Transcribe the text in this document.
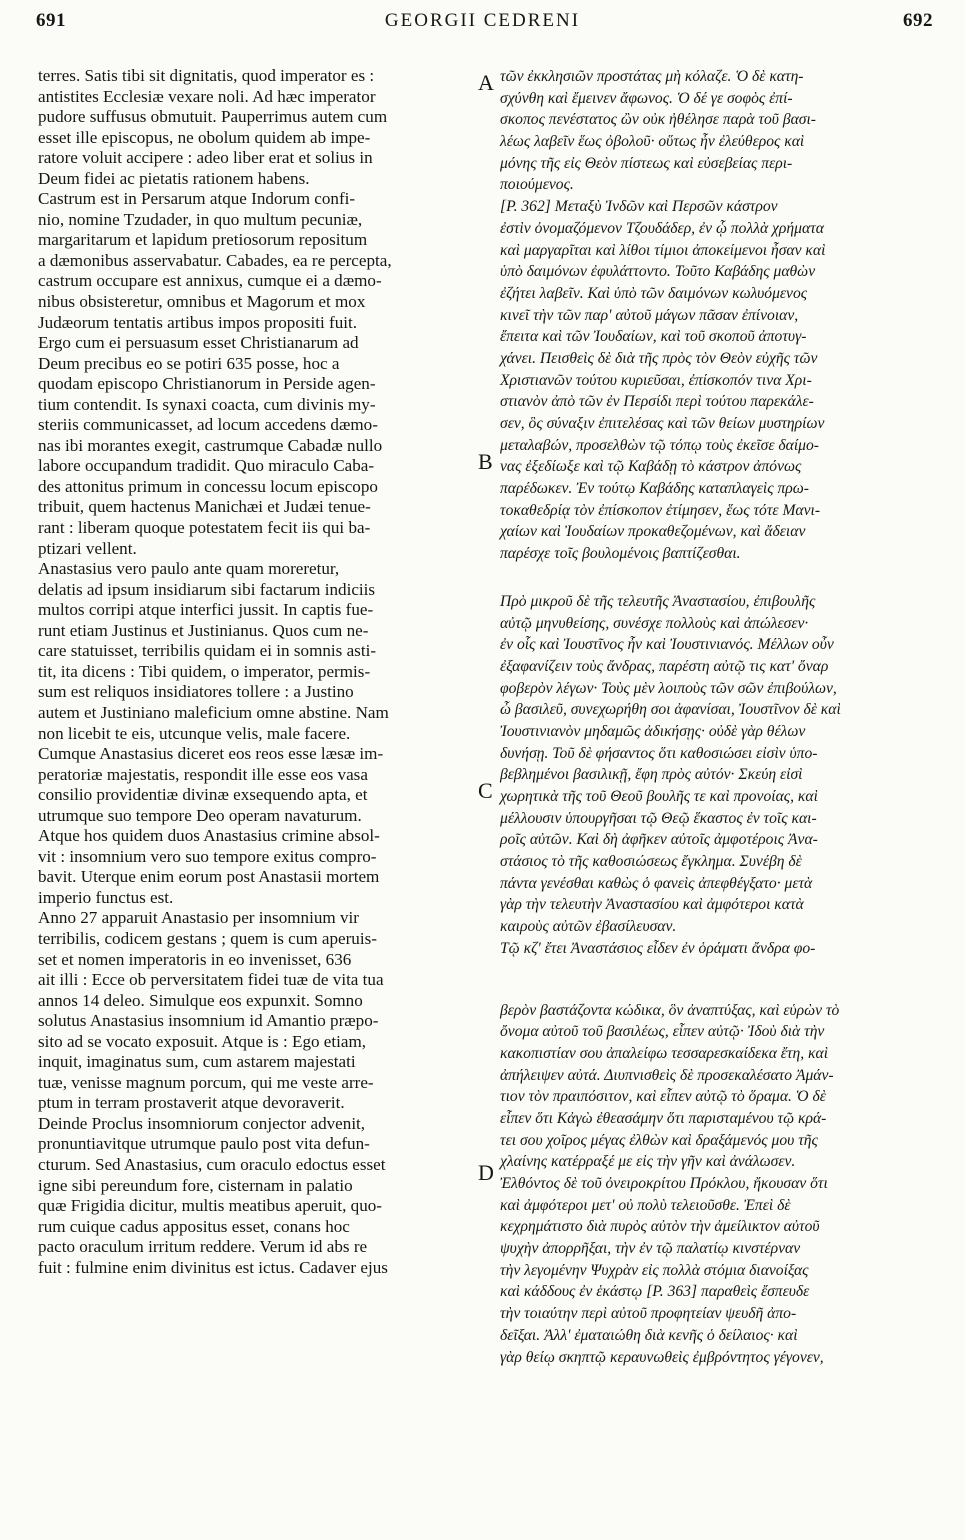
691	GEORGII CEDRENI	692
A
B
C
D
terres. Satis tibi sit dignitatis, quod imperator es :
antistites Ecclesiæ vexare noli. Ad hæc imperator
pudore suffusus obmutuit. Pauperrimus autem cum
esset ille episcopus, ne obolum quidem ab impe-
ratore voluit accipere : adeo liber erat et solius in
Deum fidei ac pietatis rationem habens.
Castrum est in Persarum atque Indorum confi-
nio, nomine Tzudader, in quo multum pecuniæ,
margaritarum et lapidum pretiosorum repositum
a dæmonibus asservabatur. Cabades, ea re percepta,
castrum occupare est annixus, cumque ei a dæmo-
nibus obsisteretur, omnibus et Magorum et mox
Judæorum tentatis artibus impos propositi fuit.
Ergo cum ei persuasum esset Christianarum ad
Deum precibus eo se potiri 635 posse, hoc a
quodam episcopo Christianorum in Perside agen-
tium contendit. Is synaxi coacta, cum divinis my-
steriis communicasset, ad locum accedens dæmo-
nas ibi morantes exegit, castrumque Cabadæ nullo
labore occupandum tradidit. Quo miraculo Caba-
des attonitus primum in concessu locum episcopo
tribuit, quem hactenus Manichæi et Judæi tenue-
rant : liberam quoque potestatem fecit iis qui ba-
ptizari vellent.
Anastasius vero paulo ante quam moreretur,
delatis ad ipsum insidiarum sibi factarum indiciis
multos corripi atque interfici jussit. In captis fue-
runt etiam Justinus et Justinianus. Quos cum ne-
care statuisset, terribilis quidam ei in somnis asti-
tit, ita dicens : Tibi quidem, o imperator, permis-
sum est reliquos insidiatores tollere : a Justino
autem et Justiniano maleficium omne abstine. Nam
non licebit te eis, utcunque velis, male facere.
Cumque Anastasius diceret eos reos esse læsæ im-
peratoriæ majestatis, respondit ille esse eos vasa
consilio providentiæ divinæ exsequendo apta, et
utrumque suo tempore Deo operam navaturum.
Atque hos quidem duos Anastasius crimine absol-
vit : insomnium vero suo tempore exitus compro-
bavit. Uterque enim eorum post Anastasii mortem
imperio functus est.
Anno 27 apparuit Anastasio per insomnium vir
terribilis, codicem gestans ; quem is cum aperuis-
set et nomen imperatoris in eo invenisset, 636
ait illi : Ecce ob perversitatem fidei tuæ de vita tua
annos 14 deleo. Simulque eos expunxit. Somno
solutus Anastasius insomnium id Amantio præpo-
sito ad se vocato exposuit. Atque is : Ego etiam,
inquit, imaginatus sum, cum astarem majestati
tuæ, venisse magnum porcum, qui me veste arre-
ptum in terram prostaverit atque devoraverit.
Deinde Proclus insomniorum conjector advenit,
pronuntiavitque utrumque paulo post vita defun-
cturum. Sed Anastasius, cum oraculo edoctus esset
igne sibi pereundum fore, cisternam in palatio
quæ Frigidia dicitur, multis meatibus aperuit, quo-
rum cuique cadus appositus esset, conans hoc
pacto oraculum irritum reddere. Verum id abs re
fuit : fulmine enim divinitus est ictus. Cadaver ejus
τῶν ἐκκλησιῶν προστάτας μὴ κόλαζε. Ὁ δὲ κατη-
σχύνθη καὶ ἔμεινεν ἄφωνος. Ὁ δέ γε σοφὸς ἐπί-
σκοπος πενέστατος ὢν οὐκ ἠθέλησε παρὰ τοῦ βασι-
λέως λαβεῖν ἕως ὀβολοῦ· οὕτως ἦν ἐλεύθερος καὶ
μόνης τῆς εἰς Θεὸν πίστεως καὶ εὐσεβείας περι-
ποιούμενος.
[P. 362] Μεταξὺ Ἰνδῶν καὶ Περσῶν κάστρον
ἐστὶν ὀνομαζόμενον Τζουδάδερ, ἐν ᾧ πολλὰ χρήματα
καὶ μαργαρῖται καὶ λίθοι τίμιοι ἀποκείμενοι ἦσαν καὶ
ὑπὸ δαιμόνων ἐφυλάττοντο. Τοῦτο Καβάδης μαθὼν
ἐζήτει λαβεῖν. Καὶ ὑπὸ τῶν δαιμόνων κωλυόμενος
κινεῖ τὴν τῶν παρ' αὐτοῦ μάγων πᾶσαν ἐπίνοιαν,
ἔπειτα καὶ τῶν Ἰουδαίων, καὶ τοῦ σκοποῦ ἀποτυγ-
χάνει. Πεισθεὶς δὲ διὰ τῆς πρὸς τὸν Θεὸν εὐχῆς τῶν
Χριστιανῶν τούτου κυριεῦσαι, ἐπίσκοπόν τινα Χρι-
στιανὸν ἀπὸ τῶν ἐν Περσίδι περὶ τούτου παρεκάλε-
σεν, ὃς σύναξιν ἐπιτελέσας καὶ τῶν θείων μυστηρίων
μεταλαβών, προσελθὼν τῷ τόπῳ τοὺς ἐκεῖσε δαίμο-
νας ἐξεδίωξε καὶ τῷ Καβάδῃ τὸ κάστρον ἀπόνως
παρέδωκεν. Ἐν τούτῳ Καβάδης καταπλαγεὶς πρω-
τοκαθεδρίᾳ τὸν ἐπίσκοπον ἐτίμησεν, ἕως τότε Μανι-
χαίων καὶ Ἰουδαίων προκαθεζομένων, καὶ ἄδειαν
παρέσχε τοῖς βουλομένοις βαπτίζεσθαι.
Πρὸ μικροῦ δὲ τῆς τελευτῆς Ἀναστασίου, ἐπιβουλῆς
αὐτῷ μηνυθείσης, συνέσχε πολλοὺς καὶ ἀπώλεσεν·
ἐν οἷς καὶ Ἰουστῖνος ἦν καὶ Ἰουστινιανός. Μέλλων οὖν
ἐξαφανίζειν τοὺς ἄνδρας, παρέστη αὐτῷ τις κατ' ὄναρ
φοβερὸν λέγων· Τοὺς μὲν λοιποὺς τῶν σῶν ἐπιβούλων,
ὦ βασιλεῦ, συνεχωρήθη σοι ἀφανίσαι, Ἰουστῖνον δὲ καὶ
Ἰουστινιανὸν μηδαμῶς ἀδικήσῃς· οὐδὲ γὰρ θέλων
δυνήσῃ. Τοῦ δὲ φήσαντος ὅτι καθοσιώσει εἰσὶν ὑπο-
βεβλημένοι βασιλικῇ, ἔφη πρὸς αὐτόν· Σκεύη εἰσὶ
χωρητικὰ τῆς τοῦ Θεοῦ βουλῆς τε καὶ προνοίας, καὶ
μέλλουσιν ὑπουργῆσαι τῷ Θεῷ ἕκαστος ἐν τοῖς και-
ροῖς αὐτῶν. Καὶ δὴ ἀφῆκεν αὐτοῖς ἀμφοτέροις Ἀνα-
στάσιος τὸ τῆς καθοσιώσεως ἔγκλημα. Συνέβη δὲ
πάντα γενέσθαι καθὼς ὁ φανεὶς ἀπεφθέγξατο· μετὰ
γὰρ τὴν τελευτὴν Ἀναστασίου καὶ ἀμφότεροι κατὰ
καιροὺς αὐτῶν ἐβασίλευσαν.
Τῷ κζ' ἔτει Ἀναστάσιος εἶδεν ἐν ὁράματι ἄνδρα φο-
βερὸν βαστάζοντα κώδικα, ὃν ἀναπτύξας, καὶ εὑρὼν τὸ
ὄνομα αὐτοῦ τοῦ βασιλέως, εἶπεν αὐτῷ· Ἰδοὺ διὰ τὴν
κακοπιστίαν σου ἀπαλείφω τεσσαρεσκαίδεκα ἔτη, καὶ
ἀπήλειψεν αὐτά. Διυπνισθεὶς δὲ προσεκαλέσατο Ἀμάν-
τιον τὸν πραιπόσιτον, καὶ εἶπεν αὐτῷ τὸ ὅραμα. Ὁ δὲ
εἶπεν ὅτι Κἀγὼ ἐθεασάμην ὅτι παρισταμένου τῷ κρά-
τει σου χοῖρος μέγας ἐλθὼν καὶ δραξάμενός μου τῆς
χλαίνης κατέρραξέ με εἰς τὴν γῆν καὶ ἀνάλωσεν.
Ἐλθόντος δὲ τοῦ ὀνειροκρίτου Πρόκλου, ἤκουσαν ὅτι
καὶ ἀμφότεροι μετ' οὐ πολὺ τελειοῦσθε. Ἐπεὶ δὲ
κεχρημάτιστο διὰ πυρὸς αὐτὸν τὴν ἀμείλικτον αὐτοῦ
ψυχὴν ἀπορρῆξαι, τὴν ἐν τῷ παλατίῳ κινστέρναν
τὴν λεγομένην Ψυχρὰν εἰς πολλὰ στόμια διανοίξας
καὶ κάδδους ἐν ἑκάστῳ [P. 363] παραθεὶς ἔσπευδε
τὴν τοιαύτην περὶ αὐτοῦ προφητείαν ψευδῆ ἀπο-
δεῖξαι. Ἀλλ' ἐματαιώθη διὰ κενῆς ὁ δείλαιος· καὶ
γὰρ θείῳ σκηπτῷ κεραυνωθεὶς ἐμβρόντητος γέγονεν,
